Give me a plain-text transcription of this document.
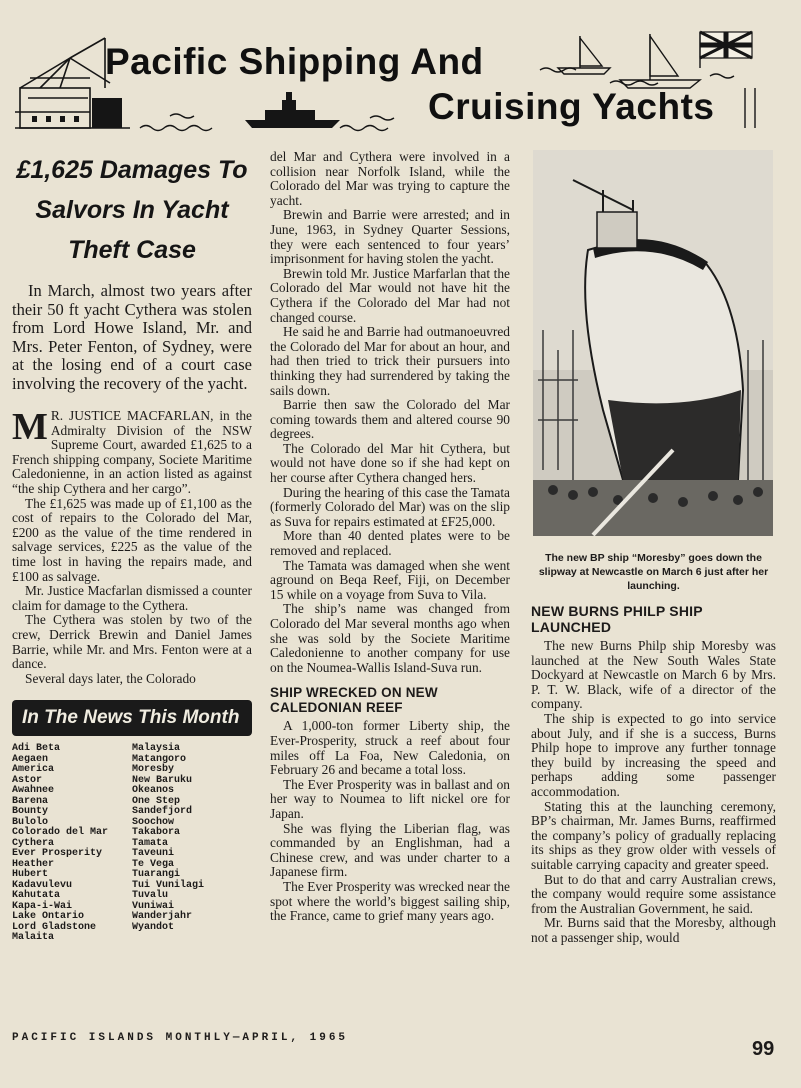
Pacific Shipping And
Cruising Yachts
£1,625 Damages To
Salvors In Yacht
Theft Case

In March, almost two years after their 50 ft yacht Cythera was stolen from Lord Howe Island, Mr. and Mrs. Peter Fenton, of Sydney, were at the losing end of a court case involving the recovery of the yacht.

M R. JUSTICE MACFARLAN, in the Admiralty Division of the NSW Supreme Court, awarded £1,625 to a French shipping company, Societe Maritime Caledonienne, in an action listed as against “the ship Cythera and her cargo”.

The £1,625 was made up of £1,100 as the cost of repairs to the Colorado del Mar, £200 as the value of the time rendered in salvage services, £225 as the value of the time lost in having the repairs made, and £100 as salvage.

Mr. Justice Macfarlan dismissed a counter claim for damage to the Cythera.

The Cythera was stolen by two of the crew, Derrick Brewin and Daniel James Barrie, while Mr. and Mrs. Fenton were at a dance.

Several days later, the Colorado

In The News This Month
Adi Beta
Aegaen
America
Astor
Awahnee
Barena
Bounty
Bulolo
Colorado del Mar
Cythera
Ever Prosperity
Heather
Hubert
Kadavulevu
Kahutata
Kapa-i-Wai
Lake Ontario
Lord Gladstone
Malaita
Malaysia
Matangoro
Moresby
New Baruku
Okeanos
One Step
Sandefjord
Soochow
Takabora
Tamata
Taveuni
Te Vega
Tuarangi
Tui Vunilagi
Tuvalu
Vuniwai
Wanderjahr
Wyandot

del Mar and Cythera were involved in a collision near Norfolk Island, while the Colorado del Mar was trying to capture the yacht.

Brewin and Barrie were arrested; and in June, 1963, in Sydney Quarter Sessions, they were each sentenced to four years’ imprisonment for having stolen the yacht.

Brewin told Mr. Justice Marfarlan that the Colorado del Mar would not have hit the Cythera if the Colorado del Mar had not changed course.

He said he and Barrie had outmanoeuvred the Colorado del Mar for about an hour, and had then tried to trick their pursuers into thinking they had surrendered by taking the sails down.

Barrie then saw the Colorado del Mar coming towards them and altered course 90 degrees.

The Colorado del Mar hit Cythera, but would not have done so if she had kept on her course after Cythera changed hers.

During the hearing of this case the Tamata (formerly Colorado del Mar) was on the slip as Suva for repairs estimated at £F25,000.

More than 40 dented plates were to be removed and replaced.

The Tamata was damaged when she went aground on Beqa Reef, Fiji, on December 15 while on a voyage from Suva to Vila.

The ship’s name was changed from Colorado del Mar several months ago when she was sold by the Societe Maritime Caledonienne to another company for use on the Noumea-Wallis Island-Suva run.

SHIP WRECKED ON NEW CALEDONIAN REEF

A 1,000-ton former Liberty ship, the Ever-Prosperity, struck a reef about four miles off La Foa, New Caledonia, on February 26 and became a total loss.

The Ever Prosperity was in ballast and on her way to Noumea to lift nickel ore for Japan.

She was flying the Liberian flag, was commanded by an Englishman, had a Chinese crew, and was under charter to a Japanese firm.

The Ever Prosperity was wrecked near the spot where the world’s biggest sailing ship, the France, came to grief many years ago.

The new BP ship “Moresby” goes down the slipway at Newcastle on March 6 just after her launching.
NEW BURNS PHILP SHIP LAUNCHED

The new Burns Philp ship Moresby was launched at the New South Wales State Dockyard at Newcastle on March 6 by Mrs. P. T. W. Black, wife of a director of the company.

The ship is expected to go into service about July, and if she is a success, Burns Philp hope to improve any further tonnage they build by increasing the speed and perhaps adding some passenger accommodation.

Stating this at the launching ceremony, BP’s chairman, Mr. James Burns, reaffirmed the company’s policy of gradually replacing its ships as they grow older with vessels of suitable carrying capacity and greater speed.

But to do that and carry Australian crews, the company would require some assistance from the Australian Government, he said.

Mr. Burns said that the Moresby, although not a passenger ship, would

PACIFIC ISLANDS MONTHLY—APRIL, 1965	99
